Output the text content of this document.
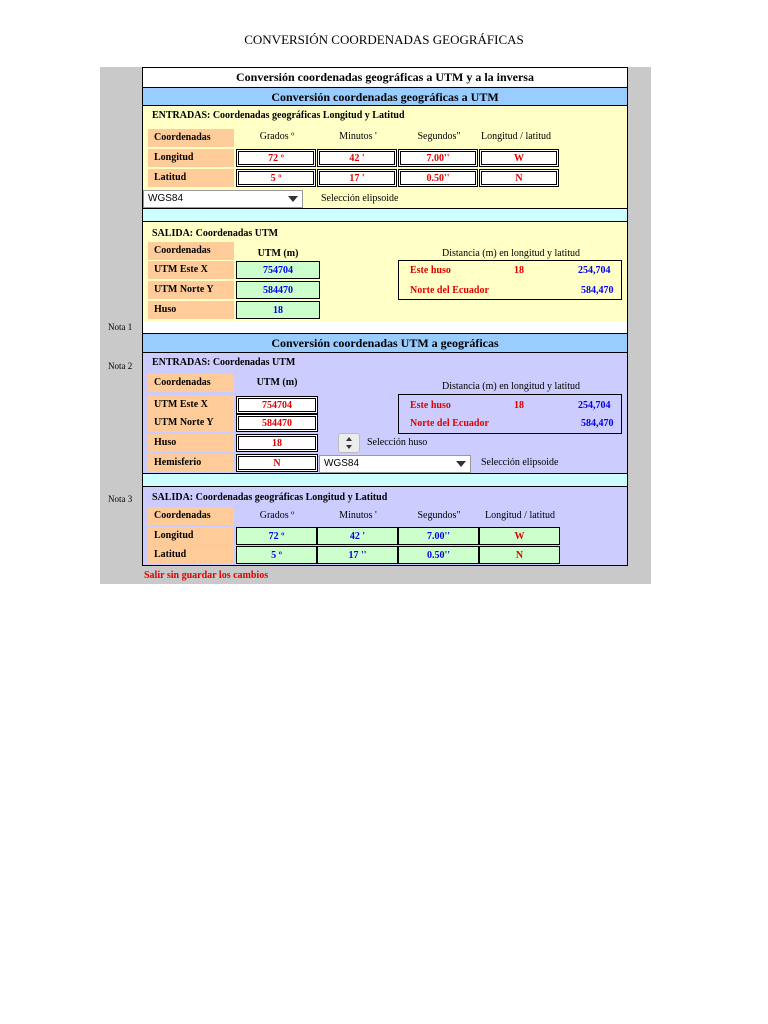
CONVERSIÓN COORDENADAS GEOGRÁFICAS
Conversión coordenadas geográficas a UTM y a la inversa
Conversión coordenadas geográficas a UTM
ENTRADAS: Coordenadas geográficas Longitud y Latitud
Coordenadas	Grados º	Minutos '	Segundos"	Longitud / latitud
Longitud	72 º	42 '	7.00''	W
Latitud	5 º	17 '	0.50''	N
WGS84	Selección elipsoide
SALIDA: Coordenadas UTM
Coordenadas	UTM (m)	Distancia (m) en longitud y latitud
UTM Este X	754704
UTM Norte Y	584470
Huso	18
Este huso	18	254,704
Norte del Ecuador	584,470
Nota 1
Conversión coordenadas UTM a geográficas
ENTRADAS: Coordenadas UTM
Nota 2
Coordenadas	UTM (m)	Distancia (m) en longitud y latitud
UTM Este X	754704
UTM Norte Y	584470
Huso	18
Hemisferio	N
Selección huso
WGS84	Selección elipsoide
Este huso	18	254,704
Norte del Ecuador	584,470
SALIDA: Coordenadas geográficas Longitud y Latitud
Nota 3
Coordenadas	Grados º	Minutos '	Segundos"	Longitud / latitud
Longitud	72 º	42 '	7.00''	W
Latitud	5 º	17 ''	0.50''	N
Salir sin guardar los cambios
